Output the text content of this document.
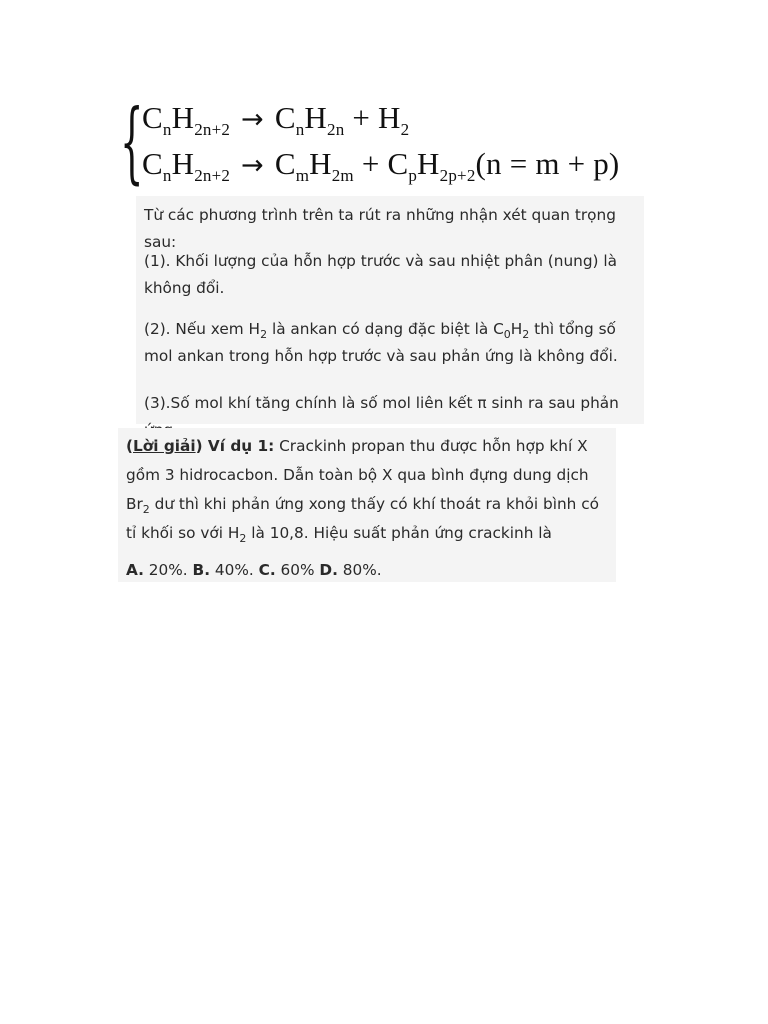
{
$C_nH_{2n+2} \to C_nH_{2n} + H_2$
$C_nH_{2n+2} \to C_mH_{2m} + C_pH_{2p+2}(n = m + p)$

Từ các phương trình trên ta rút ra những nhận xét quan trọng sau:

(1). Khối lượng của hỗn hợp trước và sau nhiệt phân (nung) là không đổi.

(2). Nếu xem $H_2$ là ankan có dạng đặc biệt là $C_0H_2$ thì tổng số mol ankan trong hỗn hợp trước và sau phản ứng là không đổi.

(3).Số mol khí tăng chính là số mol liên kết π sinh ra sau phản

(Lời giải) Ví dụ 1: Crackinh propan thu được hỗn hợp khí X gồm 3 hidrocacbon. Dẫn toàn bộ X qua bình đựng dung dịch $Br_2$ dư thì khi phản ứng xong thấy có khí thoát ra khỏi bình có tỉ khối so với $H_2$ là 10,8. Hiệu suất phản ứng crackinh là

A. 20%. B. 40%. C. 60% D. 80%.
